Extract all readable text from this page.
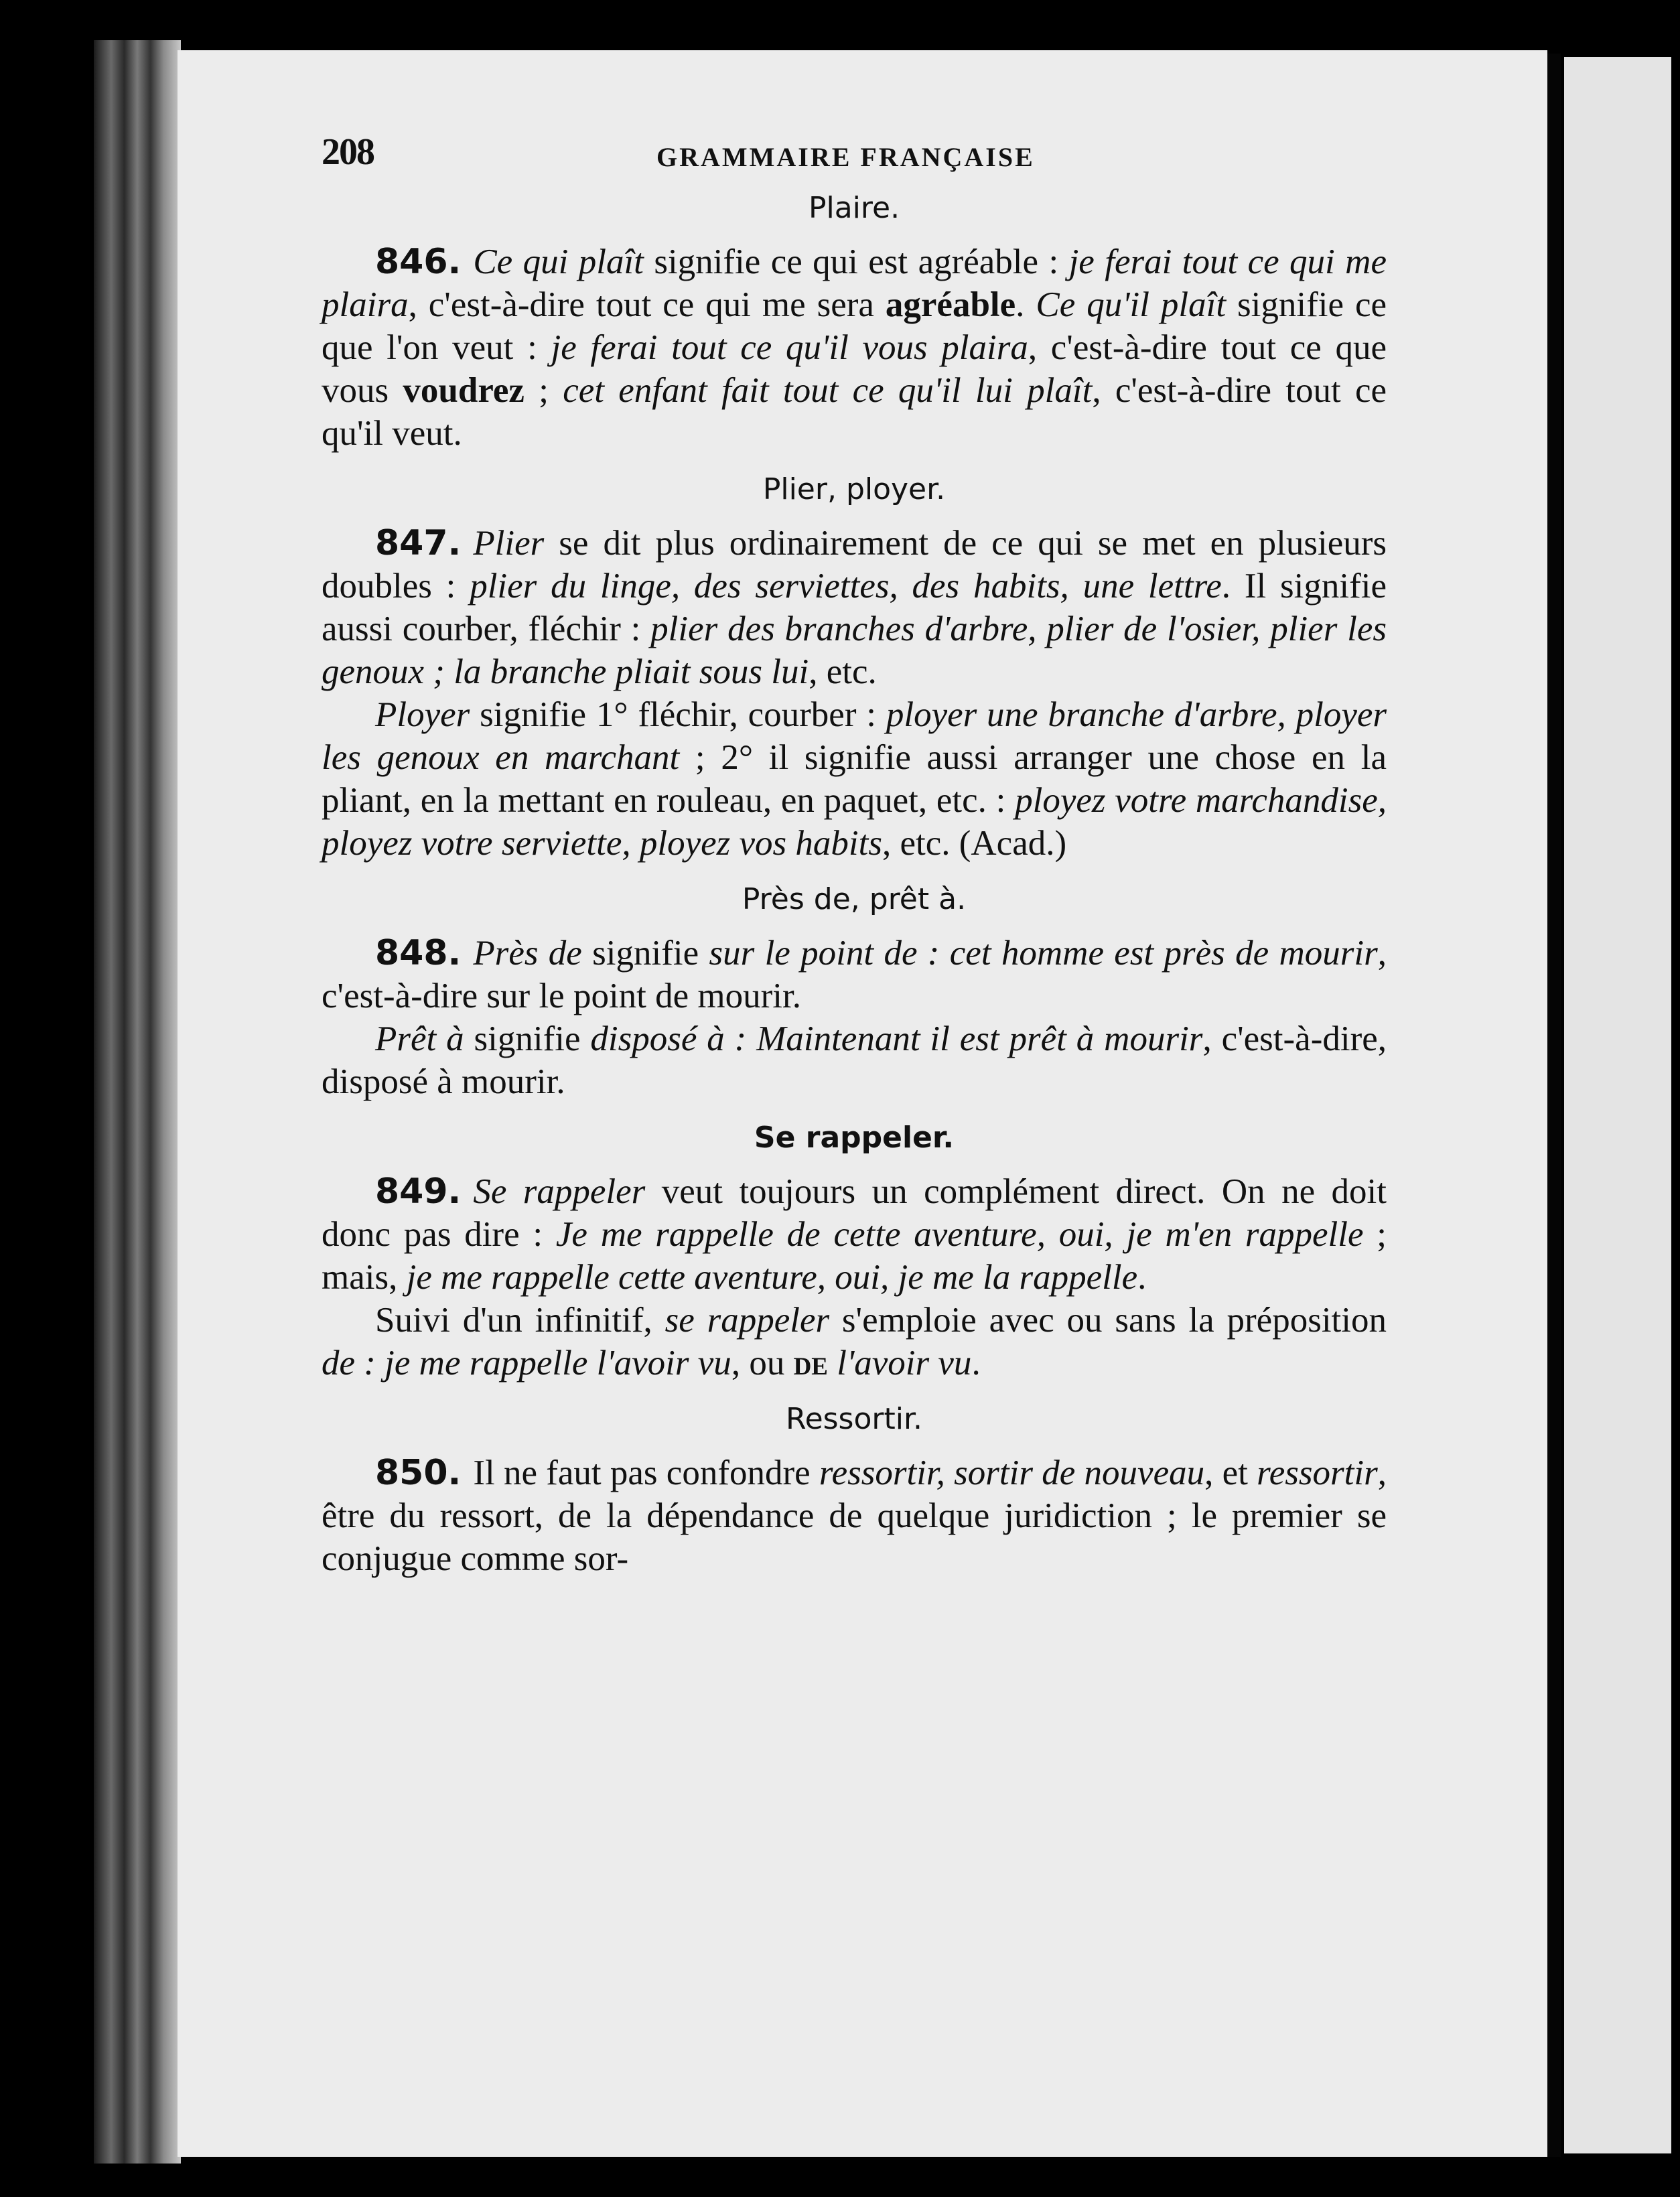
208	GRAMMAIRE FRANÇAISE
Plaire.

846. Ce qui plaît signifie ce qui est agréable : je ferai tout ce qui me plaira, c'est-à-dire tout ce qui me sera agréable. Ce qu'il plaît signifie ce que l'on veut : je ferai tout ce qu'il vous plaira, c'est-à-dire tout ce que vous voudrez ; cet enfant fait tout ce qu'il lui plaît, c'est-à-dire tout ce qu'il veut.

Plier, ployer.

847. Plier se dit plus ordinairement de ce qui se met en plusieurs doubles : plier du linge, des serviettes, des habits, une lettre. Il signifie aussi courber, fléchir : plier des branches d'arbre, plier de l'osier, plier les genoux ; la branche pliait sous lui, etc.

Ployer signifie 1° fléchir, courber : ployer une branche d'arbre, ployer les genoux en marchant ; 2° il signifie aussi arranger une chose en la pliant, en la mettant en rouleau, en paquet, etc. : ployez votre marchandise, ployez votre serviette, ployez vos habits, etc. (Acad.)

Près de, prêt à.

848. Près de signifie sur le point de : cet homme est près de mourir, c'est-à-dire sur le point de mourir.

Prêt à signifie disposé à : Maintenant il est prêt à mourir, c'est-à-dire, disposé à mourir.

Se rappeler.

849. Se rappeler veut toujours un complément direct. On ne doit donc pas dire : Je me rappelle de cette aventure, oui, je m'en rappelle ; mais, je me rappelle cette aventure, oui, je me la rappelle.

Suivi d'un infinitif, se rappeler s'emploie avec ou sans la préposition de : je me rappelle l'avoir vu, ou de l'avoir vu.

Ressortir.

850. Il ne faut pas confondre ressortir, sortir de nouveau, et ressortir, être du ressort, de la dépendance de quelque juridiction ; le premier se conjugue comme sor-
